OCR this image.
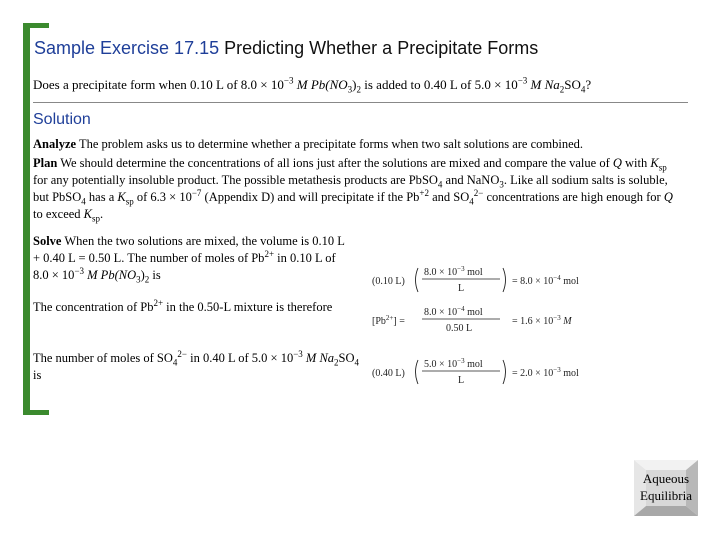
Sample Exercise 17.15 Predicting Whether a Precipitate Forms
Does a precipitate form when 0.10 L of $8.0 \times 10^{-3}$ M $Pb(NO_3)_2$ is added to 0.40 L of $5.0 \times 10^{-3}$ M $Na_2SO_4$?
Solution
Analyze The problem asks us to determine whether a precipitate forms when two salt solutions are combined.
Plan We should determine the concentrations of all ions just after the solutions are mixed and compare the value of Q with $K_{sp}$ for any potentially insoluble product. The possible metathesis products are PbSO$_4$ and NaNO$_3$. Like all sodium salts is soluble, but PbSO$_4$ has a $K_{sp}$ of $6.3 \times 10^{-7}$ (Appendix D) and will precipitate if the $Pb^{+2}$ and $SO_4^{2-}$ concentrations are high enough for Q to exceed $K_{sp}$.
Solve When the two solutions are mixed, the volume is 0.10 L + 0.40 L = 0.50 L. The number of moles of $Pb^{2+}$ in 0.10 L of $8.0 \times 10^{-3}$ M $Pb(NO_3)_2$ is
The concentration of $Pb^{2+}$ in the 0.50-L mixture is therefore
The number of moles of $SO_4^{2-}$ in 0.40 L of $5.0 \times 10^{-3}$ M $Na_2SO_4$ is
(0.10 L)
$8.0 \times 10^{-3}$ mol
L
= $8.0 \times 10^{-4}$ mol
$[Pb^{2+}]$ =
$8.0 \times 10^{-4}$ mol
0.50 L
= $1.6 \times 10^{-3}$ M
(0.40 L)
$5.0 \times 10^{-3}$ mol
L
= $2.0 \times 10^{-3}$ mol
Aqueous
Equilibria
